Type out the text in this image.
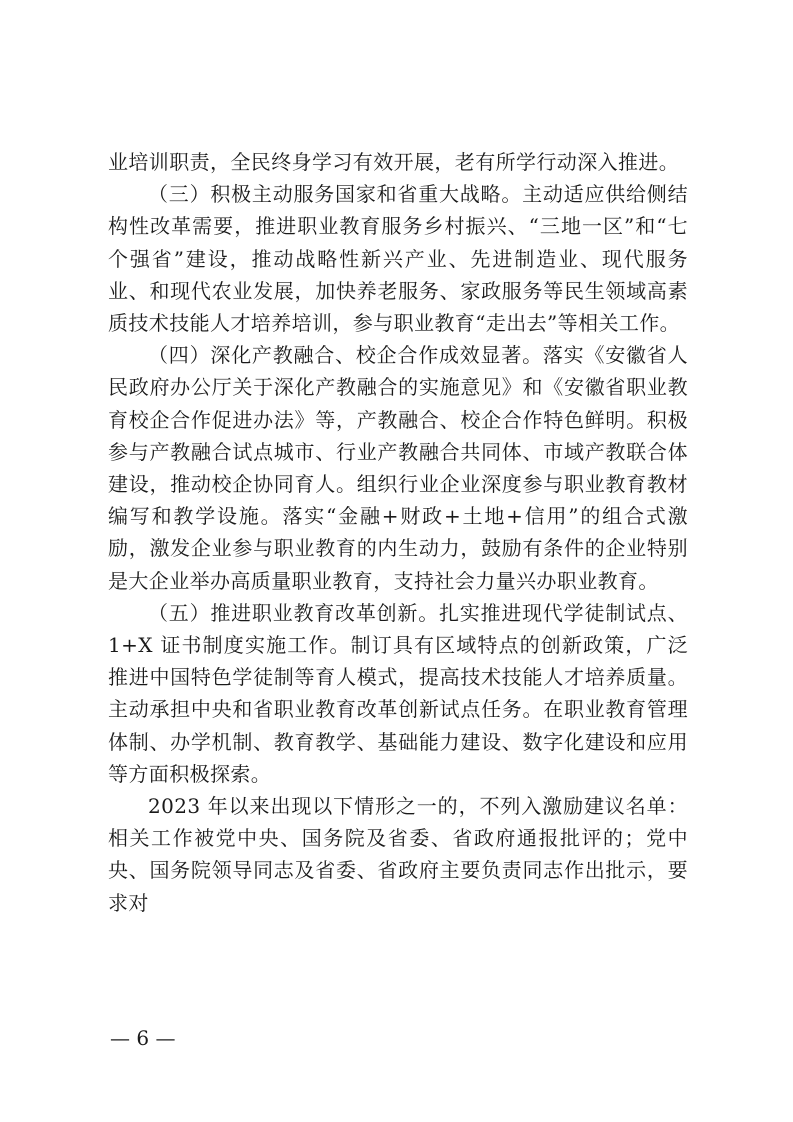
业培训职责，全民终身学习有效开展，老有所学行动深入推进。

（三）积极主动服务国家和省重大战略。主动适应供给侧结构性改革需要，推进职业教育服务乡村振兴、“三地一区”和“七个强省”建设，推动战略性新兴产业、先进制造业、现代服务业、和现代农业发展，加快养老服务、家政服务等民生领域高素质技术技能人才培养培训，参与职业教育“走出去”等相关工作。

（四）深化产教融合、校企合作成效显著。落实《安徽省人民政府办公厅关于深化产教融合的实施意见》和《安徽省职业教育校企合作促进办法》等，产教融合、校企合作特色鲜明。积极参与产教融合试点城市、行业产教融合共同体、市域产教联合体建设，推动校企协同育人。组织行业企业深度参与职业教育教材编写和教学设施。落实“金融+财政+土地+信用”的组合式激励，激发企业参与职业教育的内生动力，鼓励有条件的企业特别是大企业举办高质量职业教育，支持社会力量兴办职业教育。

（五）推进职业教育改革创新。扎实推进现代学徒制试点、1+X 证书制度实施工作。制订具有区域特点的创新政策，广泛推进中国特色学徒制等育人模式，提高技术技能人才培养质量。主动承担中央和省职业教育改革创新试点任务。在职业教育管理体制、办学机制、教育教学、基础能力建设、数字化建设和应用等方面积极探索。

2023 年以来出现以下情形之一的，不列入激励建议名单：相关工作被党中央、国务院及省委、省政府通报批评的；党中央、国务院领导同志及省委、省政府主要负责同志作出批示，要求对

— 6 —
